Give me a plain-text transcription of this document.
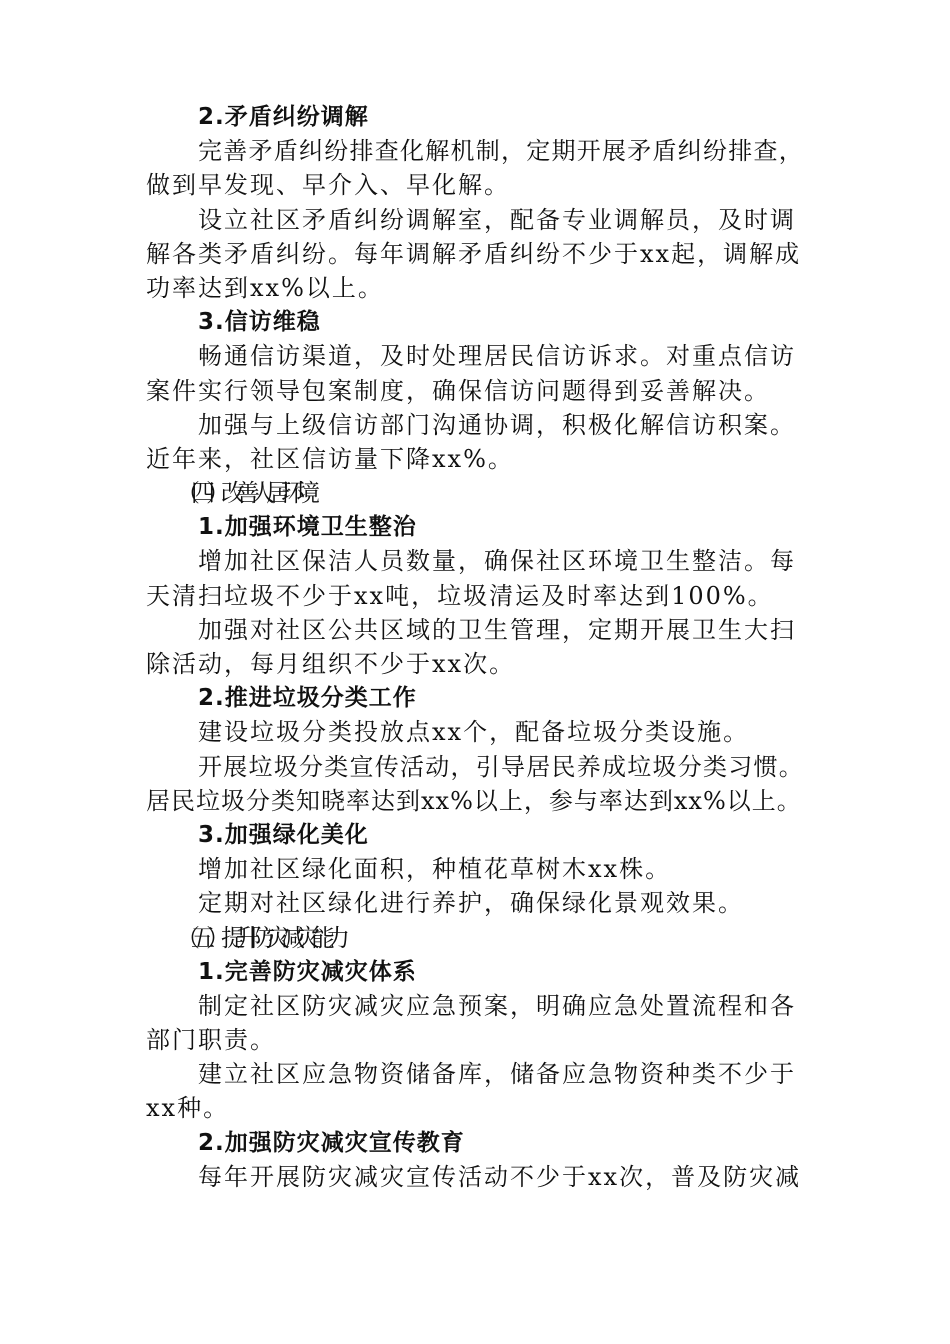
2.矛盾纠纷调解
完善矛盾纠纷排查化解机制，定期开展矛盾纠纷排查，
做到早发现、早介入、早化解。
设立社区矛盾纠纷调解室，配备专业调解员，及时调
解各类矛盾纠纷。每年调解矛盾纠纷不少于xx起，调解成
功率达到xx%以上。
3.信访维稳
畅通信访渠道，及时处理居民信访诉求。对重点信访
案件实行领导包案制度，确保信访问题得到妥善解决。
加强与上级信访部门沟通协调，积极化解信访积案。
近年来，社区信访量下降xx%。
（四）改善人居环境
1.加强环境卫生整治
增加社区保洁人员数量，确保社区环境卫生整洁。每
天清扫垃圾不少于xx吨，垃圾清运及时率达到100%。
加强对社区公共区域的卫生管理，定期开展卫生大扫
除活动，每月组织不少于xx次。
2.推进垃圾分类工作
建设垃圾分类投放点xx个，配备垃圾分类设施。
开展垃圾分类宣传活动，引导居民养成垃圾分类习惯。
居民垃圾分类知晓率达到xx%以上，参与率达到xx%以上。
3.加强绿化美化
增加社区绿化面积，种植花草树木xx株。
定期对社区绿化进行养护，确保绿化景观效果。
（五）提升防灾减灾能力
1.完善防灾减灾体系
制定社区防灾减灾应急预案，明确应急处置流程和各
部门职责。
建立社区应急物资储备库，储备应急物资种类不少于
xx种。
2.加强防灾减灾宣传教育
每年开展防灾减灾宣传活动不少于xx次，普及防灾减
